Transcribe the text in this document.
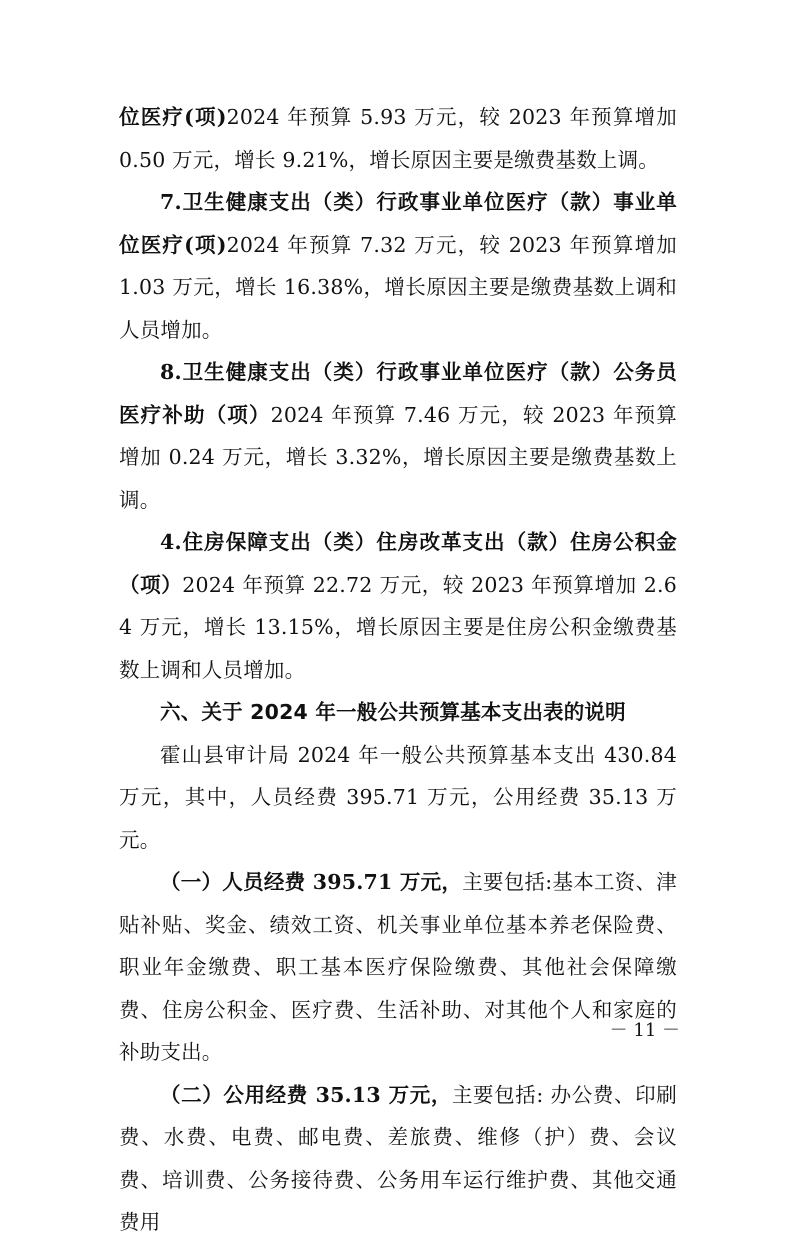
位医疗(项)2024 年预算 5.93 万元，较 2023 年预算增加 0.50 万元，增长 9.21%，增长原因主要是缴费基数上调。

7.卫生健康支出（类）行政事业单位医疗（款）事业单位医疗(项)2024 年预算 7.32 万元，较 2023 年预算增加 1.03 万元，增长 16.38%，增长原因主要是缴费基数上调和人员增加。

8.卫生健康支出（类）行政事业单位医疗（款）公务员医疗补助（项）2024 年预算 7.46 万元，较 2023 年预算增加 0.24 万元，增长 3.32%，增长原因主要是缴费基数上调。

4.住房保障支出（类）住房改革支出（款）住房公积金（项）2024 年预算 22.72 万元，较 2023 年预算增加 2.64 万元，增长 13.15%，增长原因主要是住房公积金缴费基数上调和人员增加。

六、关于 2024 年一般公共预算基本支出表的说明

霍山县审计局 2024 年一般公共预算基本支出 430.84 万元，其中，人员经费 395.71 万元，公用经费 35.13 万元。

（一）人员经费 395.71 万元，主要包括:基本工资、津贴补贴、奖金、绩效工资、机关事业单位基本养老保险费、职业年金缴费、职工基本医疗保险缴费、其他社会保障缴费、住房公积金、医疗费、生活补助、对其他个人和家庭的补助支出。

（二）公用经费 35.13 万元，主要包括: 办公费、印刷费、水费、电费、邮电费、差旅费、维修（护）费、会议费、培训费、公务接待费、公务用车运行维护费、其他交通费用

－ 11 －
